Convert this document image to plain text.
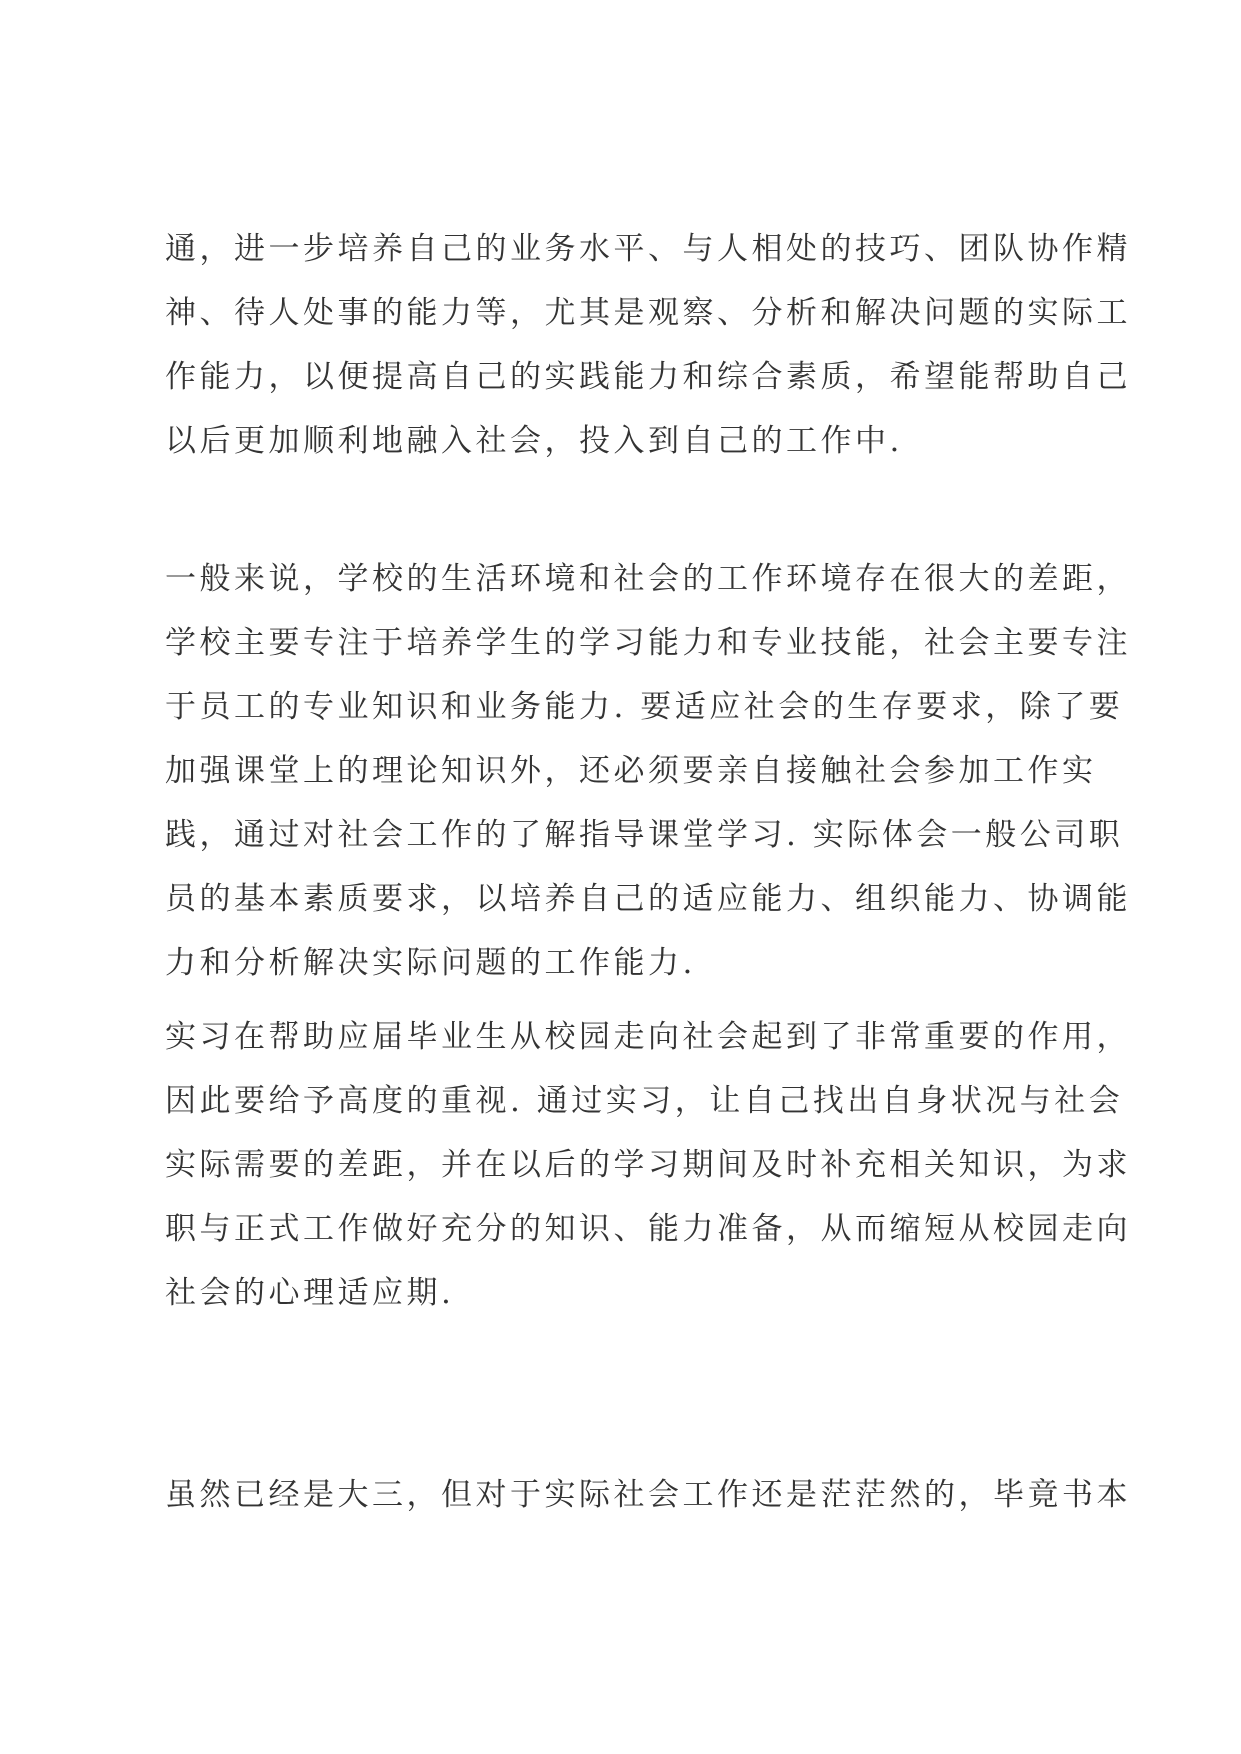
通，进一步培养自己的业务水平、与人相处的技巧、团队协作精
神、待人处事的能力等，尤其是观察、分析和解决问题的实际工
作能力，以便提高自己的实践能力和综合素质，希望能帮助自己
以后更加顺利地融入社会，投入到自己的工作中.
一般来说，学校的生活环境和社会的工作环境存在很大的差距，
学校主要专注于培养学生的学习能力和专业技能，社会主要专注
于员工的专业知识和业务能力. 要适应社会的生存要求，除了要
加强课堂上的理论知识外，还必须要亲自接触社会参加工作实
践，通过对社会工作的了解指导课堂学习. 实际体会一般公司职
员的基本素质要求，以培养自己的适应能力、组织能力、协调能
力和分析解决实际问题的工作能力.
实习在帮助应届毕业生从校园走向社会起到了非常重要的作用，
因此要给予高度的重视. 通过实习，让自己找出自身状况与社会
实际需要的差距，并在以后的学习期间及时补充相关知识，为求
职与正式工作做好充分的知识、能力准备，从而缩短从校园走向
社会的心理适应期.
虽然已经是大三，但对于实际社会工作还是茫茫然的，毕竟书本
